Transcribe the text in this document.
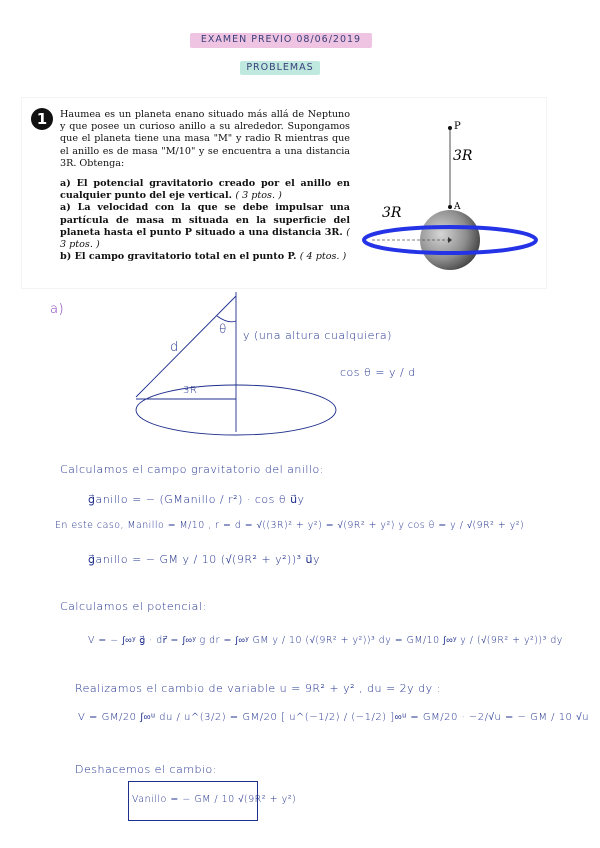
EXAMEN PREVIO 08/06/2019
PROBLEMAS
1	Haumea es un planeta enano situado más allá de Neptuno y que posee un curioso anillo a su alrededor. Supongamos que el planeta tiene una masa "M" y radio R mientras que el anillo es de masa "M/10" y se encuentra a una distancia 3R. Obtenga:

a) El potencial gravitatorio creado por el anillo en cualquier punto del eje vertical. ( 3 ptos. )

a) La velocidad con la que se debe impulsar una partícula de masa m situada en la superficie del planeta hasta el punto P situado a una distancia 3R. ( 3 ptos. )

b) El campo gravitatorio total en el punto P. ( 4 ptos. )

P
A
3R
3R
a)
θ
d
y (una altura cualquiera)
3R
cos θ = y / d
Calculamos el campo gravitatorio del anillo:
g⃗anillo = − (GManillo / r²) · cos θ u⃗y
En este caso, Manillo = M/10 , r = d = √((3R)² + y²) = √(9R² + y²) y cos θ = y / √(9R² + y²)
g⃗anillo = − GM y / 10 (√(9R² + y²))³ u⃗y
Calculamos el potencial:
V = − ∫∞ʸ g⃗ · dr⃗ = ∫∞ʸ g dr = ∫∞ʸ GM y / 10 (√(9R² + y²))³ dy = GM/10 ∫∞ʸ y / (√(9R² + y²))³ dy
Realizamos el cambio de variable u = 9R² + y² , du = 2y dy :
V = GM/20 ∫∞ᵘ du / u^(3/2) = GM/20 [ u^(−1/2) / (−1/2) ]∞ᵘ = GM/20 · −2/√u = − GM / 10 √u
Deshacemos el cambio:
Vanillo = − GM / 10 √(9R² + y²)
